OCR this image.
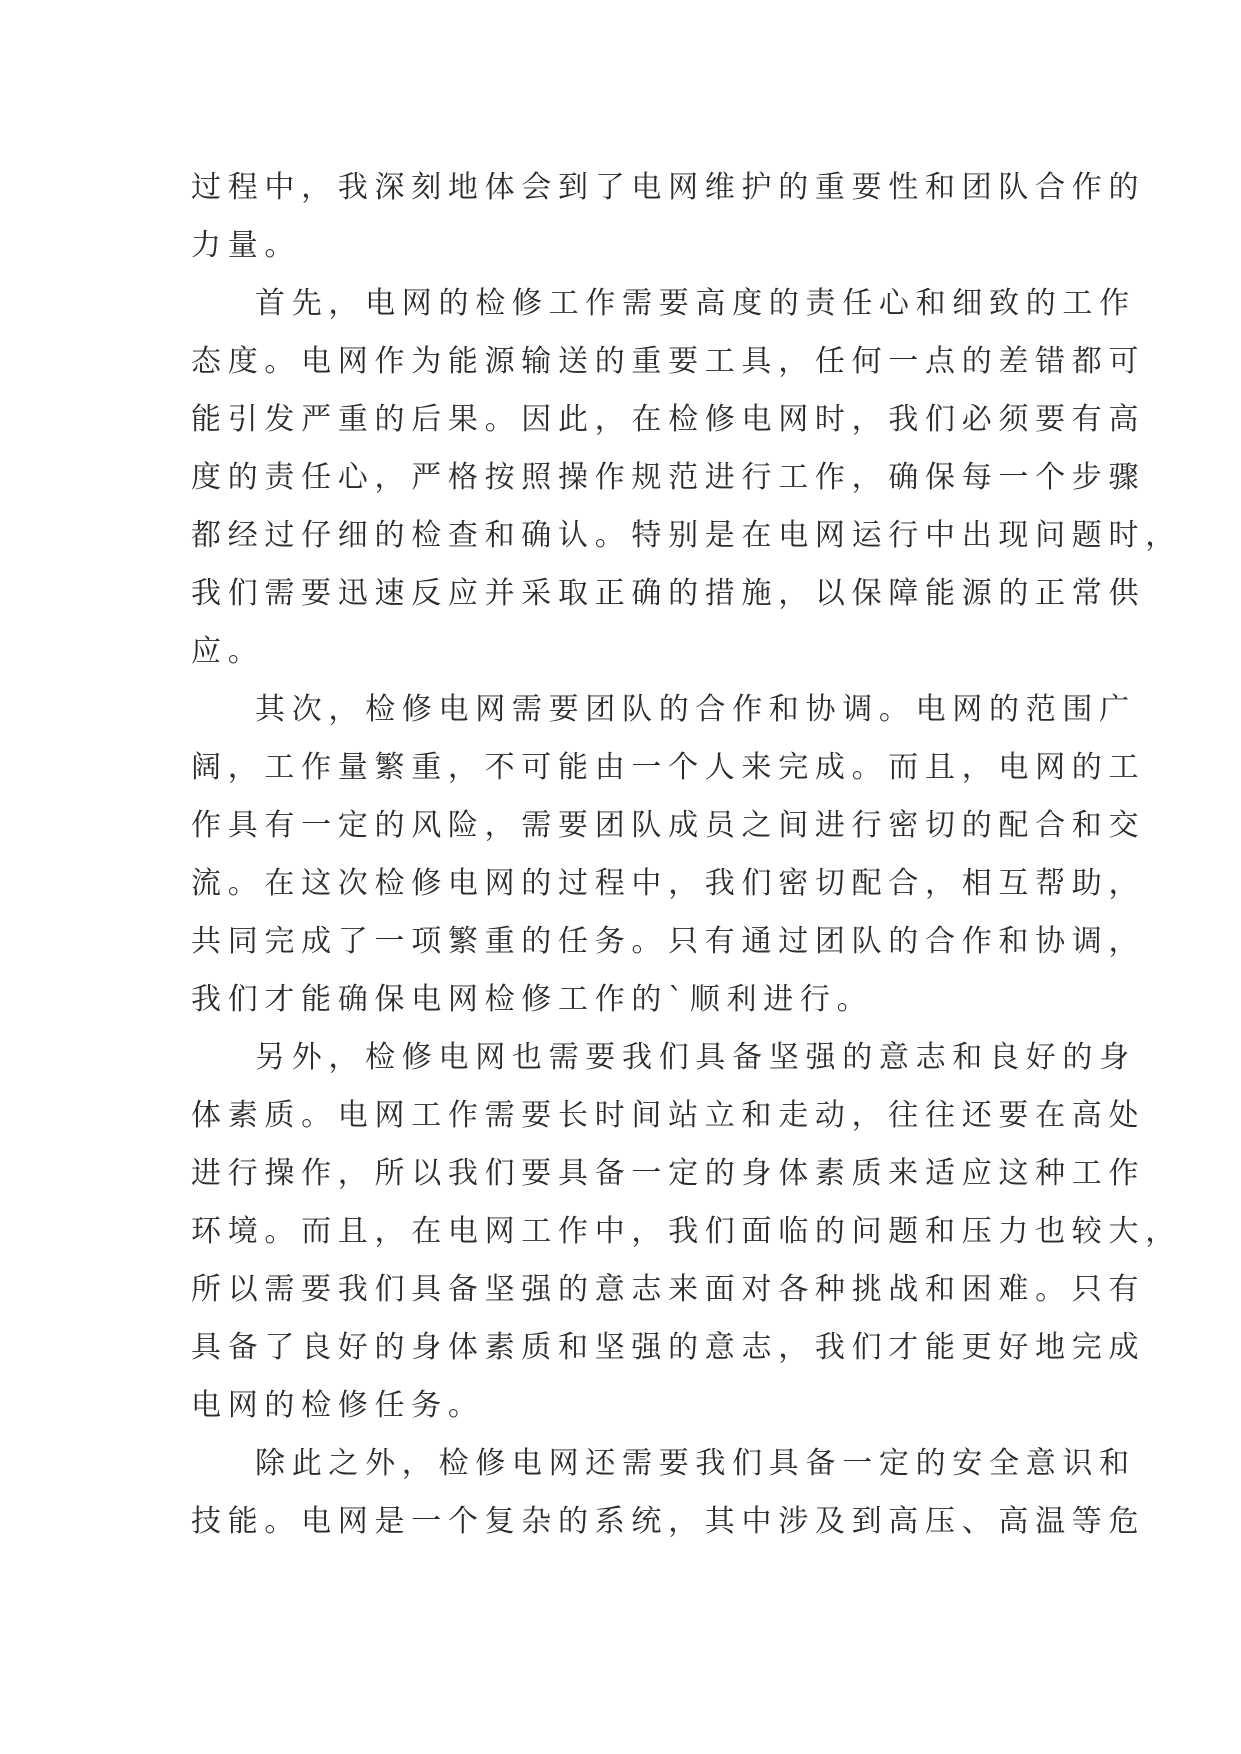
过程中，我深刻地体会到了电网维护的重要性和团队合作的
力量。
首先，电网的检修工作需要高度的责任心和细致的工作
态度。电网作为能源输送的重要工具，任何一点的差错都可
能引发严重的后果。因此，在检修电网时，我们必须要有高
度的责任心，严格按照操作规范进行工作，确保每一个步骤
都经过仔细的检查和确认。特别是在电网运行中出现问题时，
我们需要迅速反应并采取正确的措施，以保障能源的正常供
应。
其次，检修电网需要团队的合作和协调。电网的范围广
阔，工作量繁重，不可能由一个人来完成。而且，电网的工
作具有一定的风险，需要团队成员之间进行密切的配合和交
流。在这次检修电网的过程中，我们密切配合，相互帮助，
共同完成了一项繁重的任务。只有通过团队的合作和协调，
我们才能确保电网检修工作的`顺利进行。
另外，检修电网也需要我们具备坚强的意志和良好的身
体素质。电网工作需要长时间站立和走动，往往还要在高处
进行操作，所以我们要具备一定的身体素质来适应这种工作
环境。而且，在电网工作中，我们面临的问题和压力也较大，
所以需要我们具备坚强的意志来面对各种挑战和困难。只有
具备了良好的身体素质和坚强的意志，我们才能更好地完成
电网的检修任务。
除此之外，检修电网还需要我们具备一定的安全意识和
技能。电网是一个复杂的系统，其中涉及到高压、高温等危
